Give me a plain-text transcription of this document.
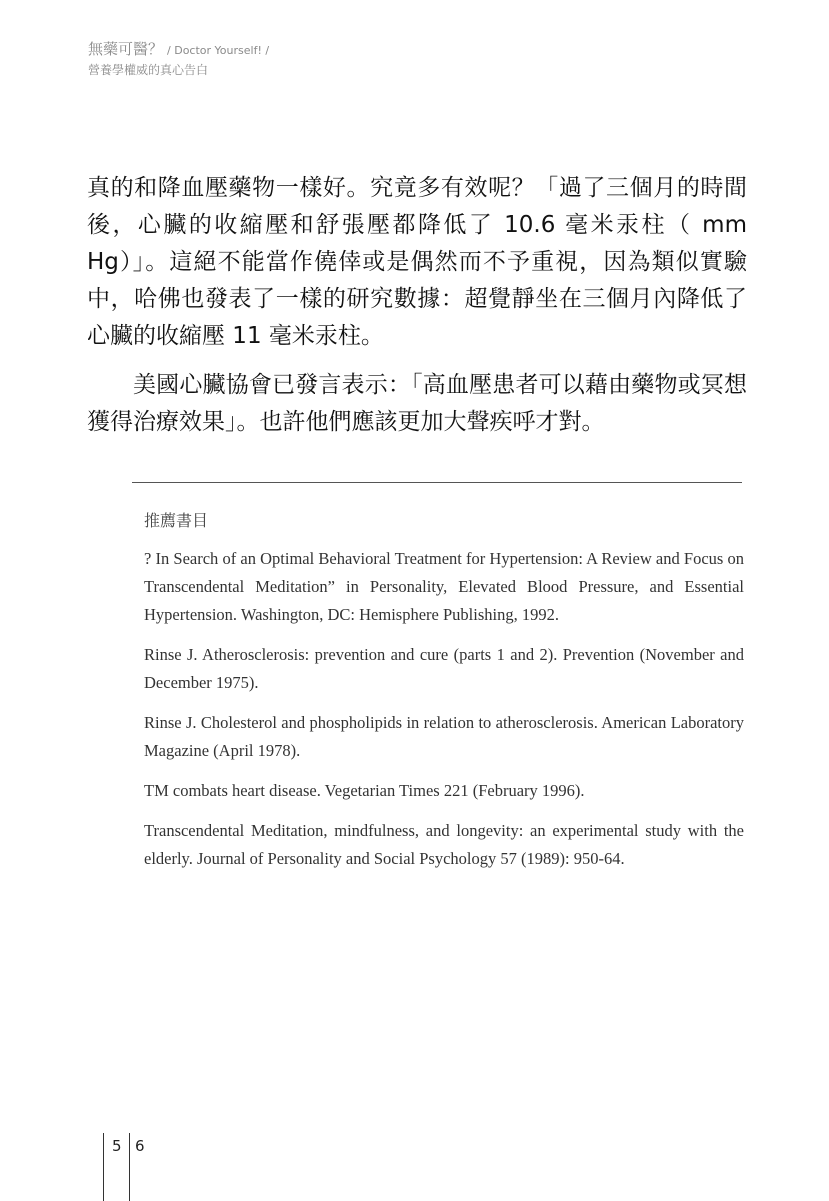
無藥可醫？ / Doctor Yourself! /
營養學權威的真心告白

真的和降血壓藥物一樣好。究竟多有效呢？「過了三個月的時間後，心臟的收縮壓和舒張壓都降低了 10.6 毫米汞柱（ mm Hg）」。這絕不能當作僥倖或是偶然而不予重視，因為類似實驗中，哈佛也發表了一樣的研究數據：超覺靜坐在三個月內降低了心臟的收縮壓 11 毫米汞柱。

美國心臟協會已發言表示：「高血壓患者可以藉由藥物或冥想獲得治療效果」。也許他們應該更加大聲疾呼才對。

推薦書目

? In Search of an Optimal Behavioral Treatment for Hypertension: A Review and Focus on Transcendental Meditation” in Personality, Elevated Blood Pressure, and Essential Hypertension. Washington, DC: Hemisphere Publishing, 1992.

Rinse J. Atherosclerosis: prevention and cure (parts 1 and 2). Prevention (November and December 1975).

Rinse J. Cholesterol and phospholipids in relation to atherosclerosis. American Laboratory Magazine (April 1978).

TM combats heart disease. Vegetarian Times 221 (February 1996).

Transcendental Meditation, mindfulness, and longevity: an experimental study with the elderly. Journal of Personality and Social Psychology 57 (1989): 950-64.

5 6
